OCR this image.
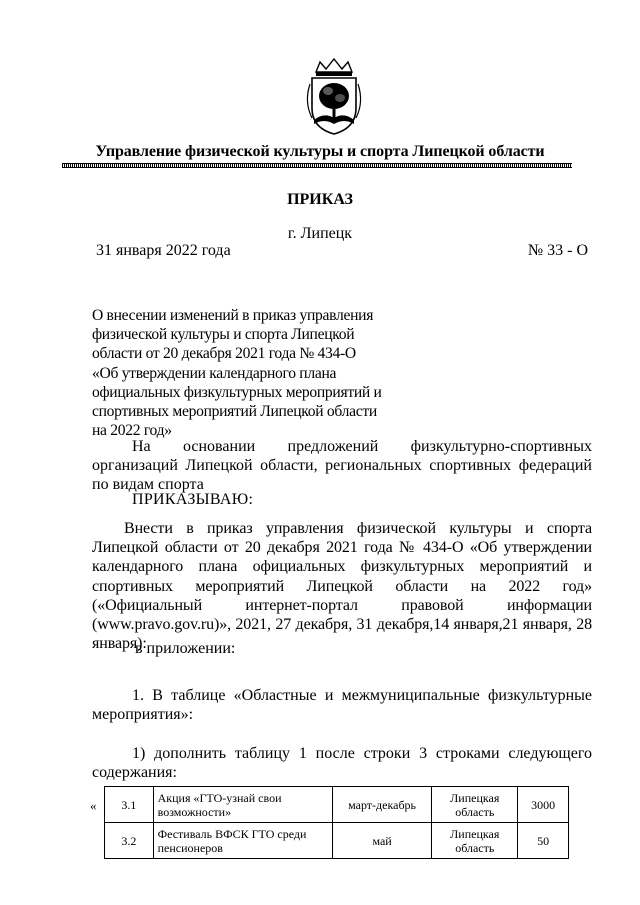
Управление физической культуры и спорта Липецкой области
ПРИКАЗ
г. Липецк
31 января 2022 года	№ 33 - О
О внесении изменений в приказ управления
физической культуры и спорта Липецкой
области от 20 декабря 2021 года № 434-О
«Об утверждении календарного плана
официальных физкультурных мероприятий и
спортивных мероприятий Липецкой области
на 2022 год»
На основании предложений физкультурно-спортивных организаций Липецкой области, региональных спортивных федераций по видам спорта
ПРИКАЗЫВАЮ:
Внести в приказ управления физической культуры и спорта Липецкой области от 20 декабря 2021 года № 434-О «Об утверждении календарного плана официальных физкультурных мероприятий и спортивных мероприятий Липецкой области на 2022 год» («Официальный интернет-портал правовой информации (www.pravo.gov.ru)», 2021, 27 декабря, 31 декабря,14 января,21 января, 28 января):
в приложении:
1. В таблице «Областные и межмуниципальные физкультурные мероприятия»:
1) дополнить таблицу 1 после строки 3 строками следующего содержания:
« 3.1	Акция «ГТО-узнай свои возможности»	март-декабрь	Липецкая область	3000
3.2	Фестиваль ВФСК ГТО среди пенсионеров	май	Липецкая область	50
